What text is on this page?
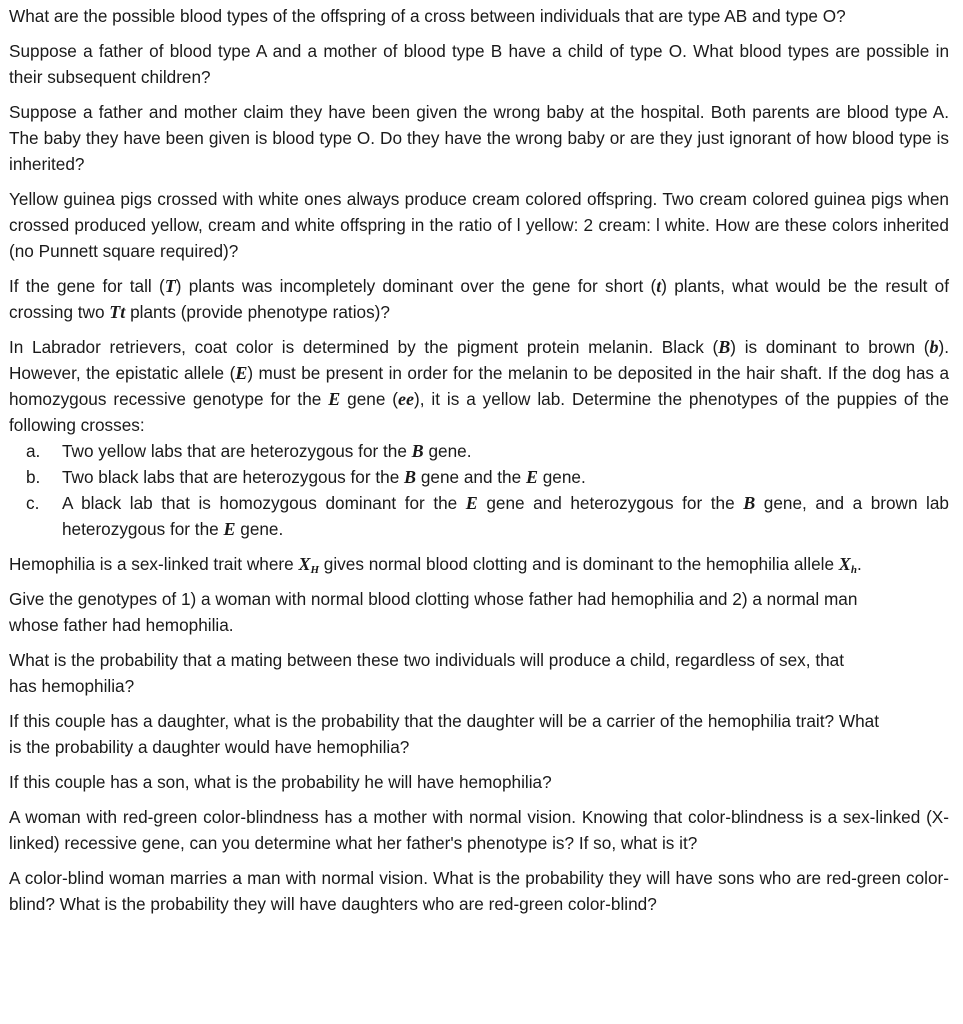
What are the possible blood types of the offspring of a cross between individuals that are type AB and type O?

Suppose a father of blood type A and a mother of blood type B have a child of type O. What blood types are possible in their subsequent children?

Suppose a father and mother claim they have been given the wrong baby at the hospital. Both parents are blood type A. The baby they have been given is blood type O. Do they have the wrong baby or are they just ignorant of how blood type is inherited?

Yellow guinea pigs crossed with white ones always produce cream colored offspring. Two cream colored guinea pigs when crossed produced yellow, cream and white offspring in the ratio of l yellow: 2 cream: l white. How are these colors inherited (no Punnett square required)?

If the gene for tall (T) plants was incompletely dominant over the gene for short (t) plants, what would be the result of crossing two Tt plants (provide phenotype ratios)?

In Labrador retrievers, coat color is determined by the pigment protein melanin. Black (B) is dominant to brown (b). However, the epistatic allele (E) must be present in order for the melanin to be deposited in the hair shaft. If the dog has a homozygous recessive genotype for the E gene (ee), it is a yellow lab. Determine the phenotypes of the puppies of the following crosses:

a. Two yellow labs that are heterozygous for the B gene.
b. Two black labs that are heterozygous for the B gene and the E gene.
c. A black lab that is homozygous dominant for the E gene and heterozygous for the B gene, and a brown lab heterozygous for the E gene.

Hemophilia is a sex-linked trait where $X_H$ gives normal blood clotting and is dominant to the hemophilia allele $X_h$.

Give the genotypes of 1) a woman with normal blood clotting whose father had hemophilia and 2) a normal man whose father had hemophilia.

What is the probability that a mating between these two individuals will produce a child, regardless of sex, that has hemophilia?

If this couple has a daughter, what is the probability that the daughter will be a carrier of the hemophilia trait? What is the probability a daughter would have hemophilia?

If this couple has a son, what is the probability he will have hemophilia?

A woman with red-green color-blindness has a mother with normal vision. Knowing that color-blindness is a sex-linked (X-linked) recessive gene, can you determine what her father's phenotype is? If so, what is it?

A color-blind woman marries a man with normal vision. What is the probability they will have sons who are red-green color-blind? What is the probability they will have daughters who are red-green color-blind?
